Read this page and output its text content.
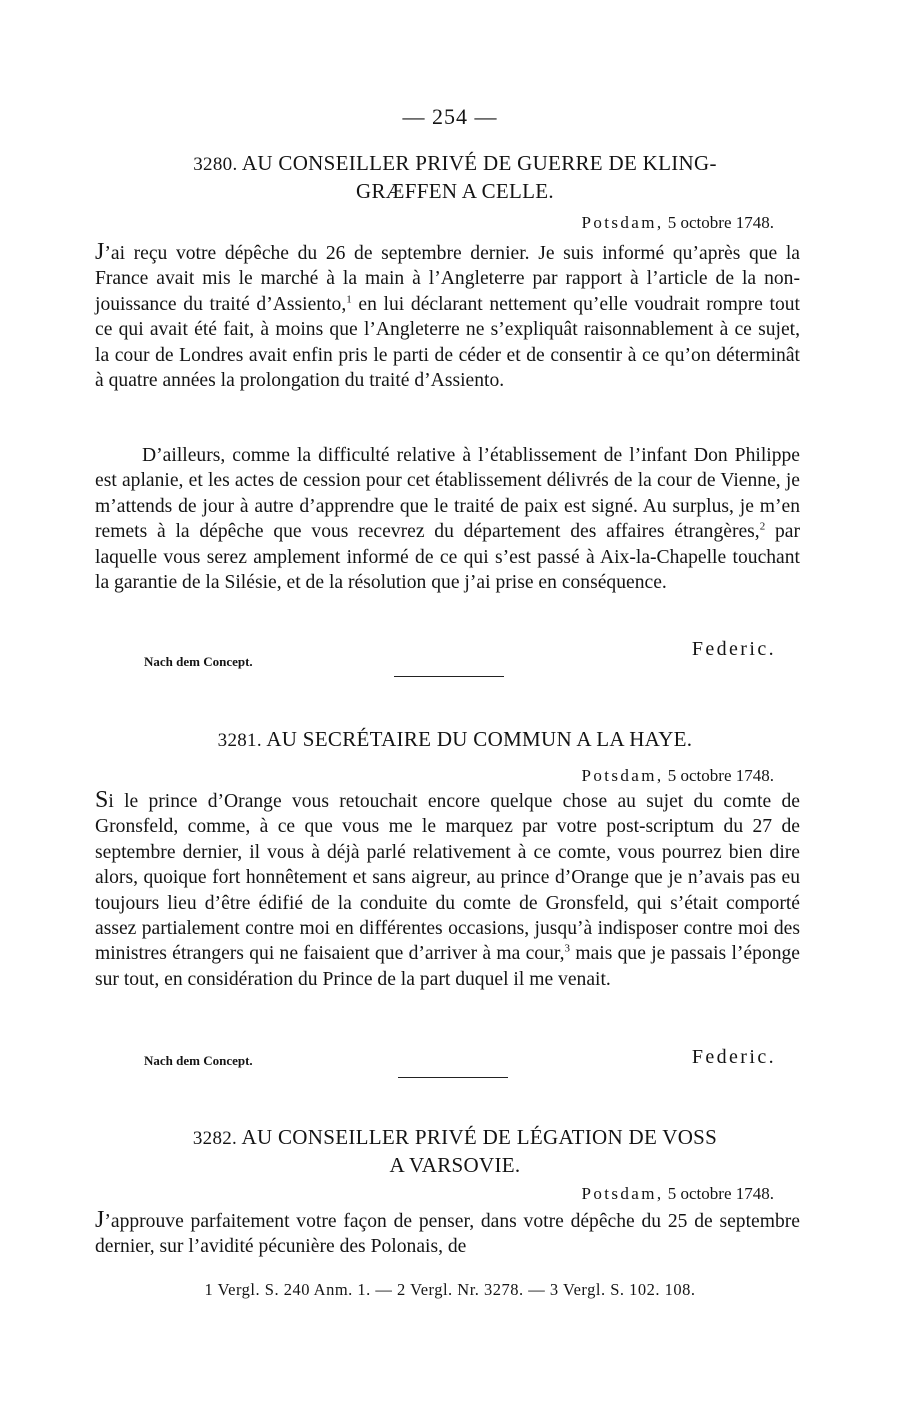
— 254 —
3280. AU CONSEILLER PRIVÉ DE GUERRE DE KLING-
GRÆFFEN A CELLE.
Potsdam, 5 octobre 1748.

J’ai reçu votre dépêche du 26 de septembre dernier. Je suis informé qu’après que la France avait mis le marché à la main à l’Angleterre par rapport à l’article de la non-jouissance du traité d’Assiento,$^1$ en lui déclarant nettement qu’elle voudrait rompre tout ce qui avait été fait, à moins que l’Angleterre ne s’expliquât raisonnablement à ce sujet, la cour de Londres avait enfin pris le parti de céder et de consentir à ce qu’on déterminât à quatre années la prolongation du traité d’Assiento.

D’ailleurs, comme la difficulté relative à l’établissement de l’infant Don Philippe est aplanie, et les actes de cession pour cet établissement délivrés de la cour de Vienne, je m’attends de jour à autre d’apprendre que le traité de paix est signé. Au surplus, je m’en remets à la dépêche que vous recevrez du département des affaires étrangères,$^2$ par laquelle vous serez amplement informé de ce qui s’est passé à Aix-la-Chapelle touchant la garantie de la Silésie, et de la résolution que j’ai prise en conséquence.

Nach dem Concept.
Federic.
3281. AU SECRÉTAIRE DU COMMUN A LA HAYE.
Potsdam, 5 octobre 1748.

Si le prince d’Orange vous retouchait encore quelque chose au sujet du comte de Gronsfeld, comme, à ce que vous me le marquez par votre post-scriptum du 27 de septembre dernier, il vous à déjà parlé relativement à ce comte, vous pourrez bien dire alors, quoique fort honnêtement et sans aigreur, au prince d’Orange que je n’avais pas eu toujours lieu d’être édifié de la conduite du comte de Gronsfeld, qui s’était comporté assez partialement contre moi en différentes occasions, jusqu’à indisposer contre moi des ministres étrangers qui ne faisaient que d’arriver à ma cour,$^3$ mais que je passais l’éponge sur tout, en considération du Prince de la part duquel il me venait.

Nach dem Concept.	Federic.
3282. AU CONSEILLER PRIVÉ DE LÉGATION DE VOSS
A VARSOVIE.
Potsdam, 5 octobre 1748.

J’approuve parfaitement votre façon de penser, dans votre dépêche du 25 de septembre dernier, sur l’avidité pécunière des Polonais, de

1 Vergl. S. 240 Anm. 1. — 2 Vergl. Nr. 3278. — 3 Vergl. S. 102. 108.
